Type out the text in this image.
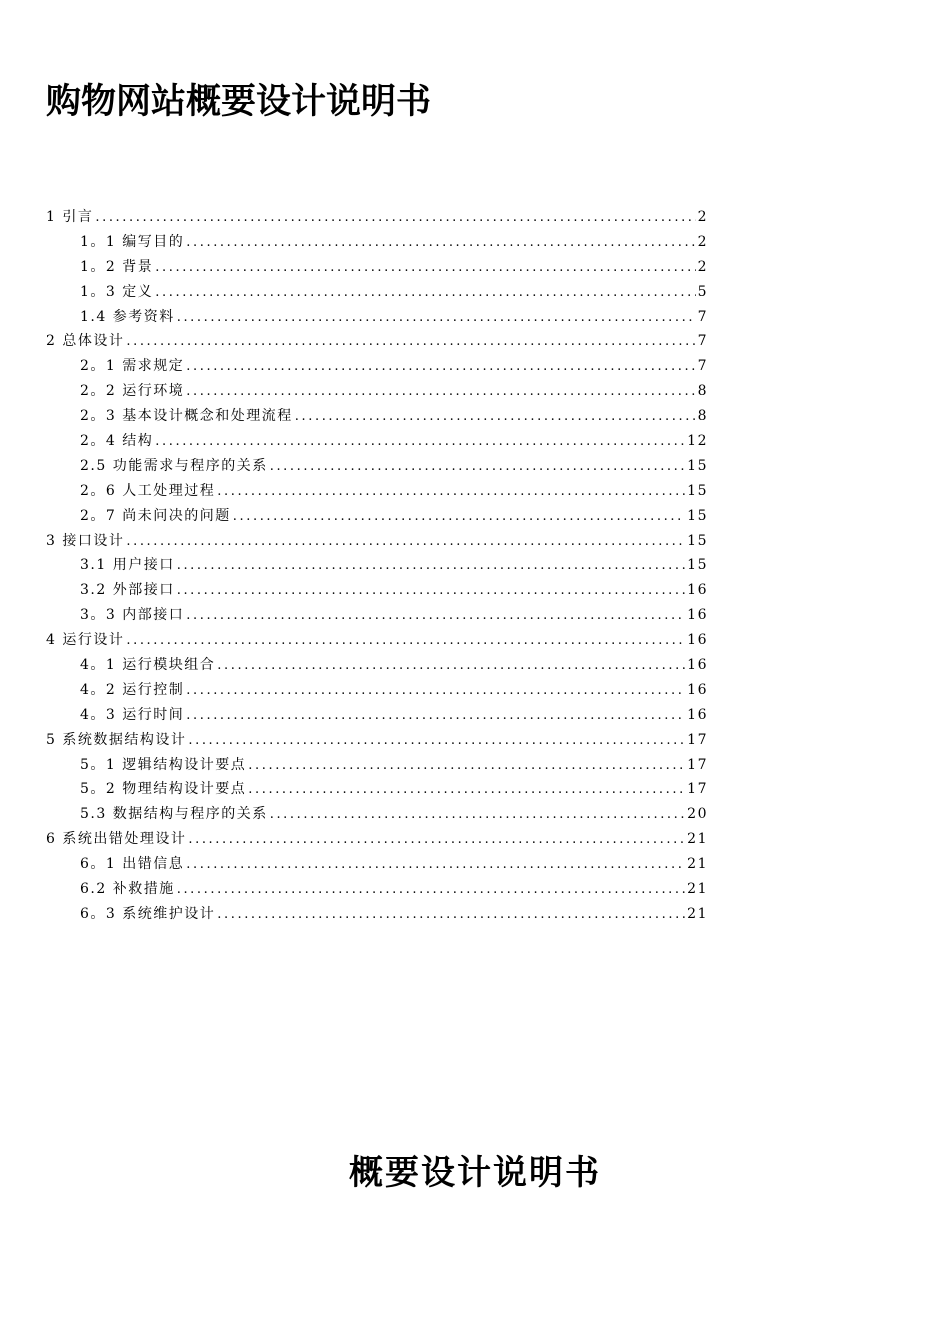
购物网站概要设计说明书
1 引言 .....	2
1。1 编写目的 .....	2
1。2 背景 .....	2
1。3 定义 .....	5
1.4 参考资料 .....	7
2 总体设计 .....	7
2。1 需求规定 .....	7
2。2 运行环境 .....	8
2。3 基本设计概念和处理流程 .....	8
2。4 结构 .....	12
2.5 功能需求与程序的关系 .....	15
2。6 人工处理过程 .....	15
2。7 尚未问决的问题 .....	15
3 接口设计 .....	15
3.1 用户接口 .....	15
3.2 外部接口 .....	16
3。3 内部接口 .....	16
4 运行设计 .....	16
4。1 运行模块组合 .....	16
4。2 运行控制 .....	16
4。3 运行时间 .....	16
5 系统数据结构设计 .....	17
5。1 逻辑结构设计要点 .....	17
5。2 物理结构设计要点 .....	17
5.3 数据结构与程序的关系 .....	20
6 系统出错处理设计 .....	21
6。1 出错信息 .....	21
6.2 补救措施 .....	21
6。3 系统维护设计 .....	21
概要设计说明书
